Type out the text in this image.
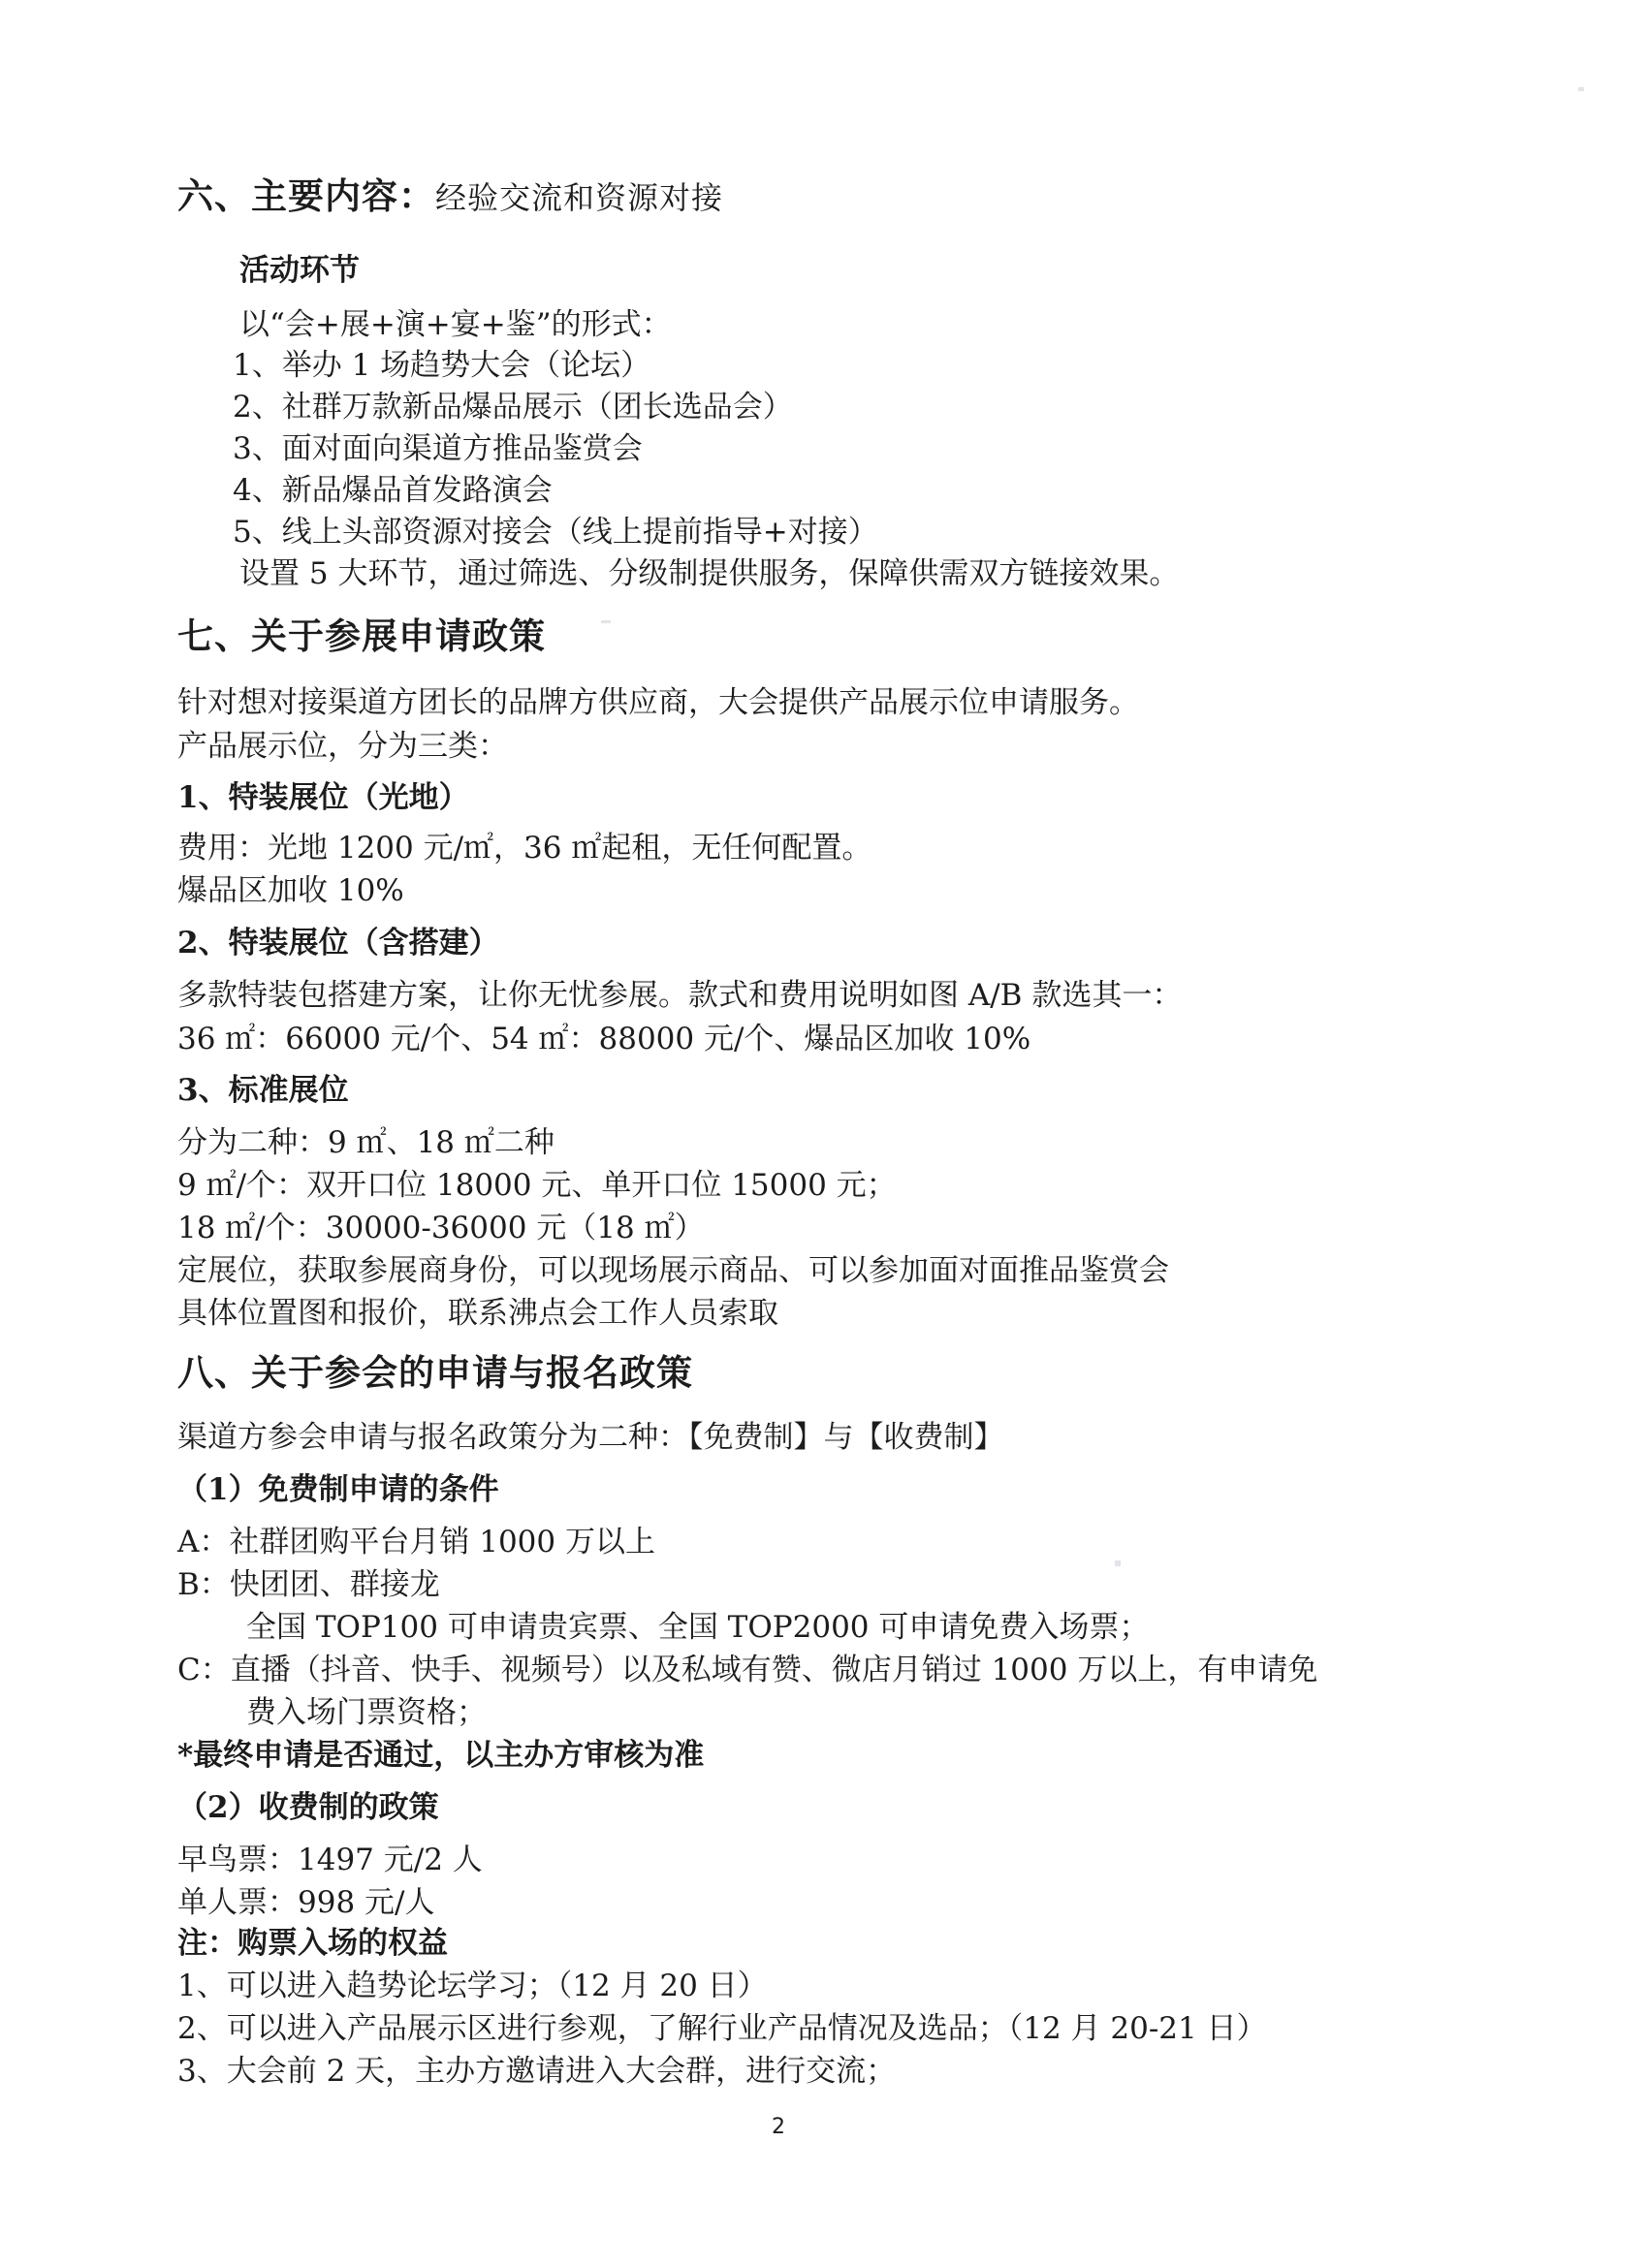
六、主要内容：经验交流和资源对接
活动环节
以“会+展+演+宴+鉴”的形式：
1、举办 1 场趋势大会（论坛）
2、社群万款新品爆品展示（团长选品会）
3、面对面向渠道方推品鉴赏会
4、新品爆品首发路演会
5、线上头部资源对接会（线上提前指导+对接）
设置 5 大环节，通过筛选、分级制提供服务，保障供需双方链接效果。
七、关于参展申请政策
针对想对接渠道方团长的品牌方供应商，大会提供产品展示位申请服务。
产品展示位，分为三类：
1、特装展位（光地）
费用：光地 1200 元/㎡，36 ㎡起租，无任何配置。
爆品区加收 10%
2、特装展位（含搭建）
多款特装包搭建方案，让你无忧参展。款式和费用说明如图 A/B 款选其一：
36 ㎡：66000 元/个、54 ㎡：88000 元/个、爆品区加收 10%
3、标准展位
分为二种：9 ㎡、18 ㎡二种
9 ㎡/个：双开口位 18000 元、单开口位 15000 元；
18 ㎡/个：30000-36000 元（18 ㎡）
定展位，获取参展商身份，可以现场展示商品、可以参加面对面推品鉴赏会
具体位置图和报价，联系沸点会工作人员索取
八、关于参会的申请与报名政策
渠道方参会申请与报名政策分为二种：【免费制】与【收费制】
（1）免费制申请的条件
A：社群团购平台月销 1000 万以上
B：快团团、群接龙
全国 TOP100 可申请贵宾票、全国 TOP2000 可申请免费入场票；
C：直播（抖音、快手、视频号）以及私域有赞、微店月销过 1000 万以上，有申请免
费入场门票资格；
*最终申请是否通过，以主办方审核为准
（2）收费制的政策
早鸟票：1497 元/2 人
单人票：998 元/人
注：购票入场的权益
1、可以进入趋势论坛学习；（12 月 20 日）
2、可以进入产品展示区进行参观，了解行业产品情况及选品；（12 月 20-21 日）
3、大会前 2 天，主办方邀请进入大会群，进行交流；
2
